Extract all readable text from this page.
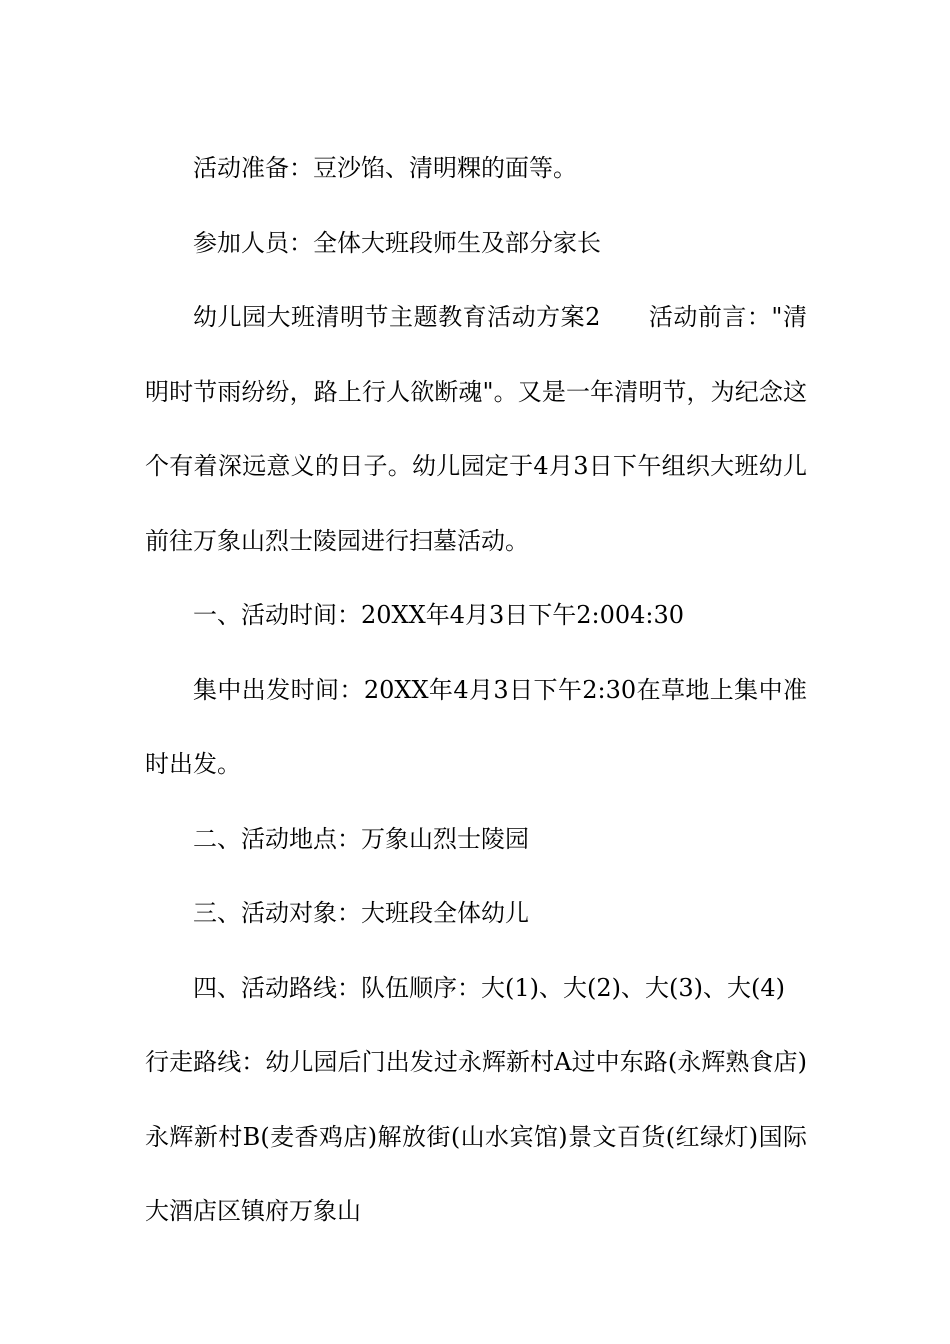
活动准备：豆沙馅、清明粿的面等。

参加人员：全体大班段师生及部分家长

幼儿园大班清明节主题教育活动方案2 活动前言："清明时节雨纷纷，路上行人欲断魂"。又是一年清明节，为纪念这个有着深远意义的日子。幼儿园定于4月3日下午组织大班幼儿前往万象山烈士陵园进行扫墓活动。

一、活动时间：20XX年4月3日下午2:004:30

集中出发时间：20XX年4月3日下午2:30在草地上集中准时出发。

二、活动地点：万象山烈士陵园

三、活动对象：大班段全体幼儿

四、活动路线：队伍顺序：大(1)、大(2)、大(3)、大(4)

行走路线：幼儿园后门出发过永辉新村A过中东路(永辉熟食店)永辉新村B(麦香鸡店)解放街(山水宾馆)景文百货(红绿灯)国际大酒店区镇府万象山
